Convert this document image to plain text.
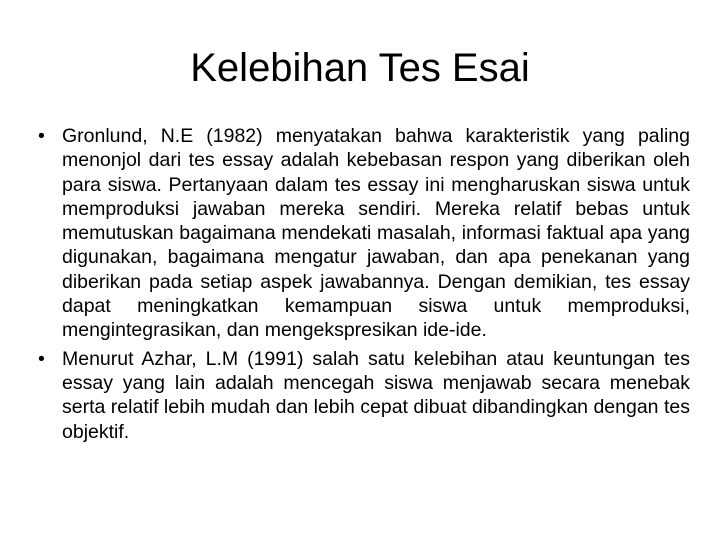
Kelebihan Tes Esai
• Gronlund, N.E (1982) menyatakan bahwa karakteristik yang paling menonjol dari tes essay adalah kebebasan respon yang diberikan oleh para siswa. Pertanyaan dalam tes essay ini mengharuskan siswa untuk memproduksi jawaban mereka sendiri. Mereka relatif bebas untuk memutuskan bagaimana mendekati masalah, informasi faktual apa yang digunakan, bagaimana mengatur jawaban, dan apa penekanan yang diberikan pada setiap aspek jawabannya. Dengan demikian, tes essay dapat meningkatkan kemampuan siswa untuk memproduksi, mengintegrasikan, dan mengekspresikan ide-ide.
• Menurut Azhar, L.M (1991) salah satu kelebihan atau keuntungan tes essay yang lain adalah mencegah siswa menjawab secara menebak serta relatif lebih mudah dan lebih cepat dibuat dibandingkan dengan tes objektif.
